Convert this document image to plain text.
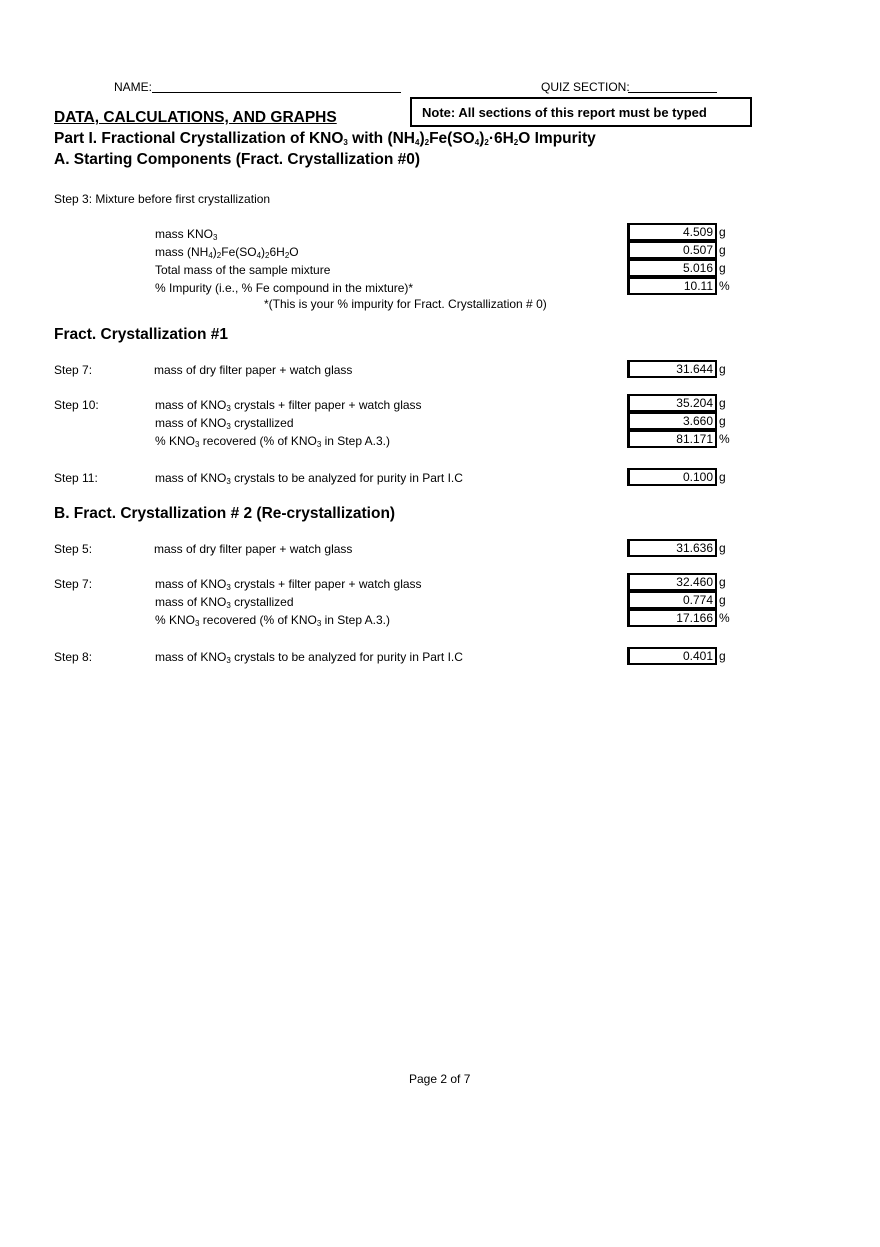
NAME:	QUIZ SECTION:
Note: All sections of this report must be typed
DATA, CALCULATIONS, AND GRAPHS
Part I. Fractional Crystallization of $KNO_3$ with $(NH_4)_2Fe(SO_4)_2\cdot 6H_2O$ Impurity
A. Starting Components (Fract. Crystallization #0)
Step 3: Mixture before first crystallization
mass $KNO_3$	4.509 g
mass $(NH_4)_2Fe(SO_4)_26H_2O$	0.507 g
Total mass of the sample mixture	5.016 g
% Impurity (i.e., % Fe compound in the mixture)*	10.11 %
*(This is your % impurity for Fract. Crystallization # 0)
Fract. Crystallization #1
Step 7:	mass of dry filter paper + watch glass	31.644 g
Step 10:	mass of $KNO_3$ crystals + filter paper + watch glass	35.204 g
mass of $KNO_3$ crystallized	3.660 g
% $KNO_3$ recovered (% of $KNO_3$ in Step A.3.)	81.171 %
Step 11:	mass of $KNO_3$ crystals to be analyzed for purity in Part I.C	0.100 g
B. Fract. Crystallization # 2 (Re-crystallization)
Step 5:	mass of dry filter paper + watch glass	31.636 g
Step 7:	mass of $KNO_3$ crystals + filter paper + watch glass	32.460 g
mass of $KNO_3$ crystallized	0.774 g
% $KNO_3$ recovered (% of $KNO_3$ in Step A.3.)	17.166 %
Step 8:	mass of $KNO_3$ crystals to be analyzed for purity in Part I.C	0.401 g
Page 2 of 7
